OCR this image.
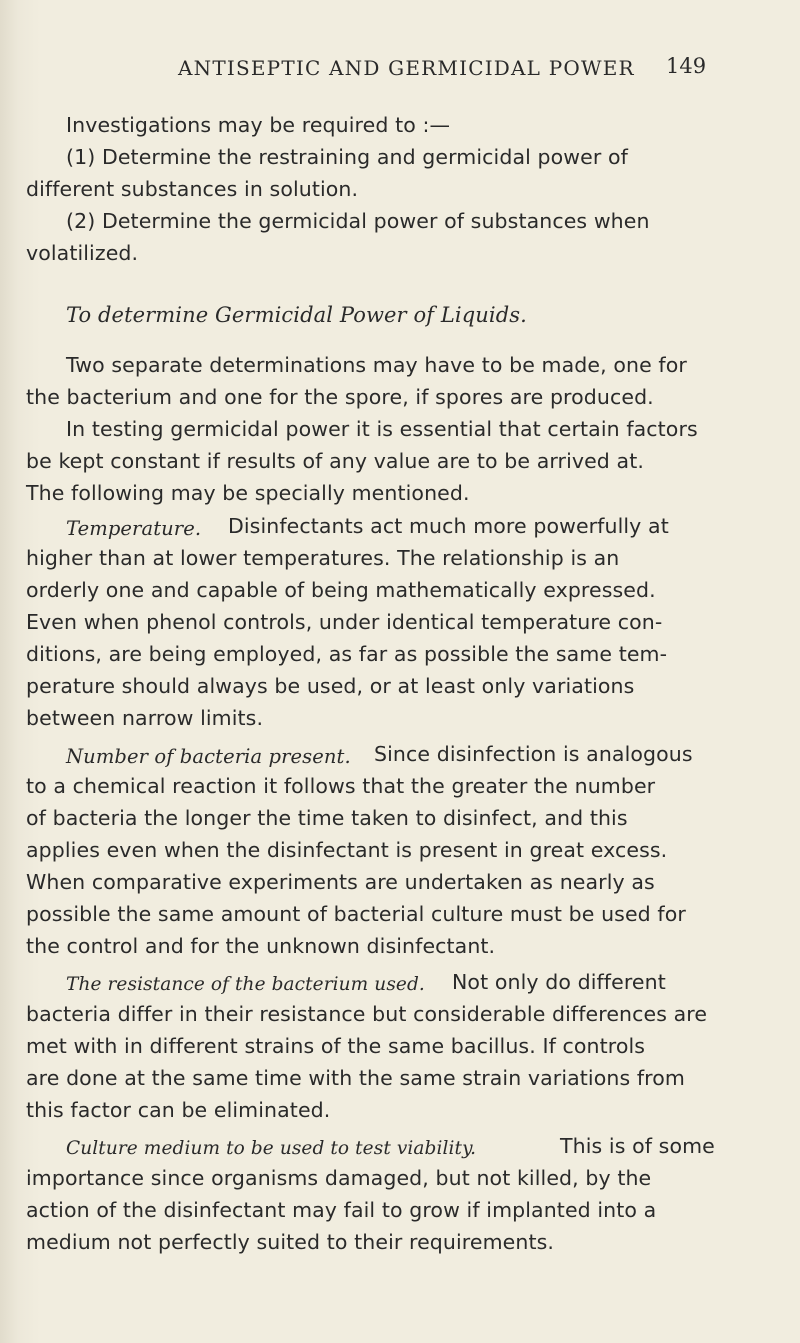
ANTISEPTIC AND GERMICIDAL POWER 149
Investigations may be required to :—
(1) Determine the restraining and germicidal power of
different substances in solution.
(2) Determine the germicidal power of substances when
volatilized.
To determine Germicidal Power of Liquids.
Two separate determinations may have to be made, one for
the bacterium and one for the spore, if spores are produced.
In testing germicidal power it is essential that certain factors
be kept constant if results of any value are to be arrived at.
The following may be specially mentioned.
Temperature. Disinfectants act much more powerfully at
higher than at lower temperatures. The relationship is an
orderly one and capable of being mathematically expressed.
Even when phenol controls, under identical temperature con-
ditions, are being employed, as far as possible the same tem-
perature should always be used, or at least only variations
between narrow limits.
Number of bacteria present. Since disinfection is analogous
to a chemical reaction it follows that the greater the number
of bacteria the longer the time taken to disinfect, and this
applies even when the disinfectant is present in great excess.
When comparative experiments are undertaken as nearly as
possible the same amount of bacterial culture must be used for
the control and for the unknown disinfectant.
The resistance of the bacterium used. Not only do different
bacteria differ in their resistance but considerable differences are
met with in different strains of the same bacillus. If controls
are done at the same time with the same strain variations from
this factor can be eliminated.
Culture medium to be used to test viability.	This is of some
importance since organisms damaged, but not killed, by the
action of the disinfectant may fail to grow if implanted into a
medium not perfectly suited to their requirements.
